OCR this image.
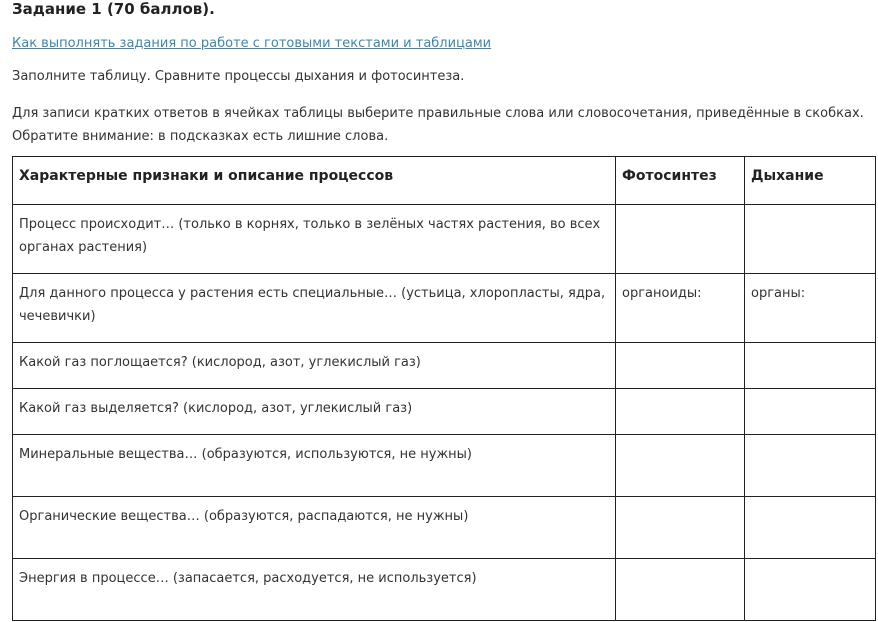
Задание 1 (70 баллов).
Как выполнять задания по работе с готовыми текстами и таблицами
Заполните таблицу. Сравните процессы дыхания и фотосинтеза.
Для записи кратких ответов в ячейках таблицы выберите правильные слова или словосочетания, приведённые в скобках. Обратите внимание: в подсказках есть лишние слова.
Характерные признаки и описание процессов	Фотосинтез	Дыхание
Процесс происходит… (только в корнях, только в зелёных частях растения, во всех органах растения)		
Для данного процесса у растения есть специальные… (устьица, хлоропласты, ядра, чечевички)	органоиды:	органы:
Какой газ поглощается? (кислород, азот, углекислый газ)		
Какой газ выделяется? (кислород, азот, углекислый газ)		
Минеральные вещества… (образуются, используются, не нужны)		
Органические вещества… (образуются, распадаются, не нужны)		
Энергия в процессе… (запасается, расходуется, не используется)		
